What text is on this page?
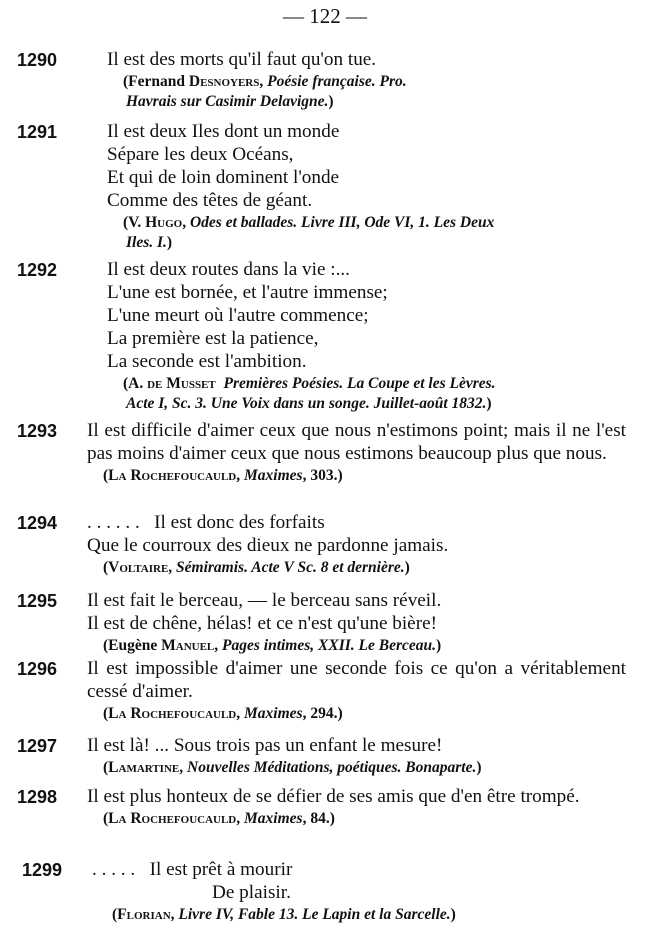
— 122 —
1290	Il est des morts qu'il faut qu'on tue.
(Fernand Desnoyers, Poésie française. Pro.
Havrais sur Casimir Delavigne.)
1291	Il est deux Iles dont un monde
Sépare les deux Océans,
Et qui de loin dominent l'onde
Comme des têtes de géant.
(V. Hugo, Odes et ballades. Livre III, Ode VI, 1. Les Deux
Iles. I.)
1292	Il est deux routes dans la vie :...
L'une est bornée, et l'autre immense;
L'une meurt où l'autre commence;
La première est la patience,
La seconde est l'ambition.
(A. de Musset Premières Poésies. La Coupe et les Lèvres.
Acte I, Sc. 3. Une Voix dans un songe. Juillet-août 1832.)
1293 Il est difficile d'aimer ceux que nous n'estimons point; mais il ne l'est pas moins d'aimer ceux que nous estimons beaucoup plus que nous.
(La Rochefoucauld, Maximes, 303.)
1294 . . . . . .   Il est donc des forfaits
Que le courroux des dieux ne pardonne jamais.
(Voltaire, Sémiramis. Acte V Sc. 8 et dernière.)
1295 Il est fait le berceau, — le berceau sans réveil.
Il est de chêne, hélas! et ce n'est qu'une bière!
(Eugène Manuel, Pages intimes, XXII. Le Berceau.)
1296 Il est impossible d'aimer une seconde fois ce qu'on a véritablement cessé d'aimer.
(La Rochefoucauld, Maximes, 294.)
1297 Il est là! ... Sous trois pas un enfant le mesure!
(Lamartine, Nouvelles Méditations, poétiques. Bonaparte.)
1298 Il est plus honteux de se défier de ses amis que d'en être trompé.
(La Rochefoucauld, Maximes, 84.)
1299 . . . . .   Il est prêt à mourir
De plaisir.
(Florian, Livre IV, Fable 13. Le Lapin et la Sarcelle.)
